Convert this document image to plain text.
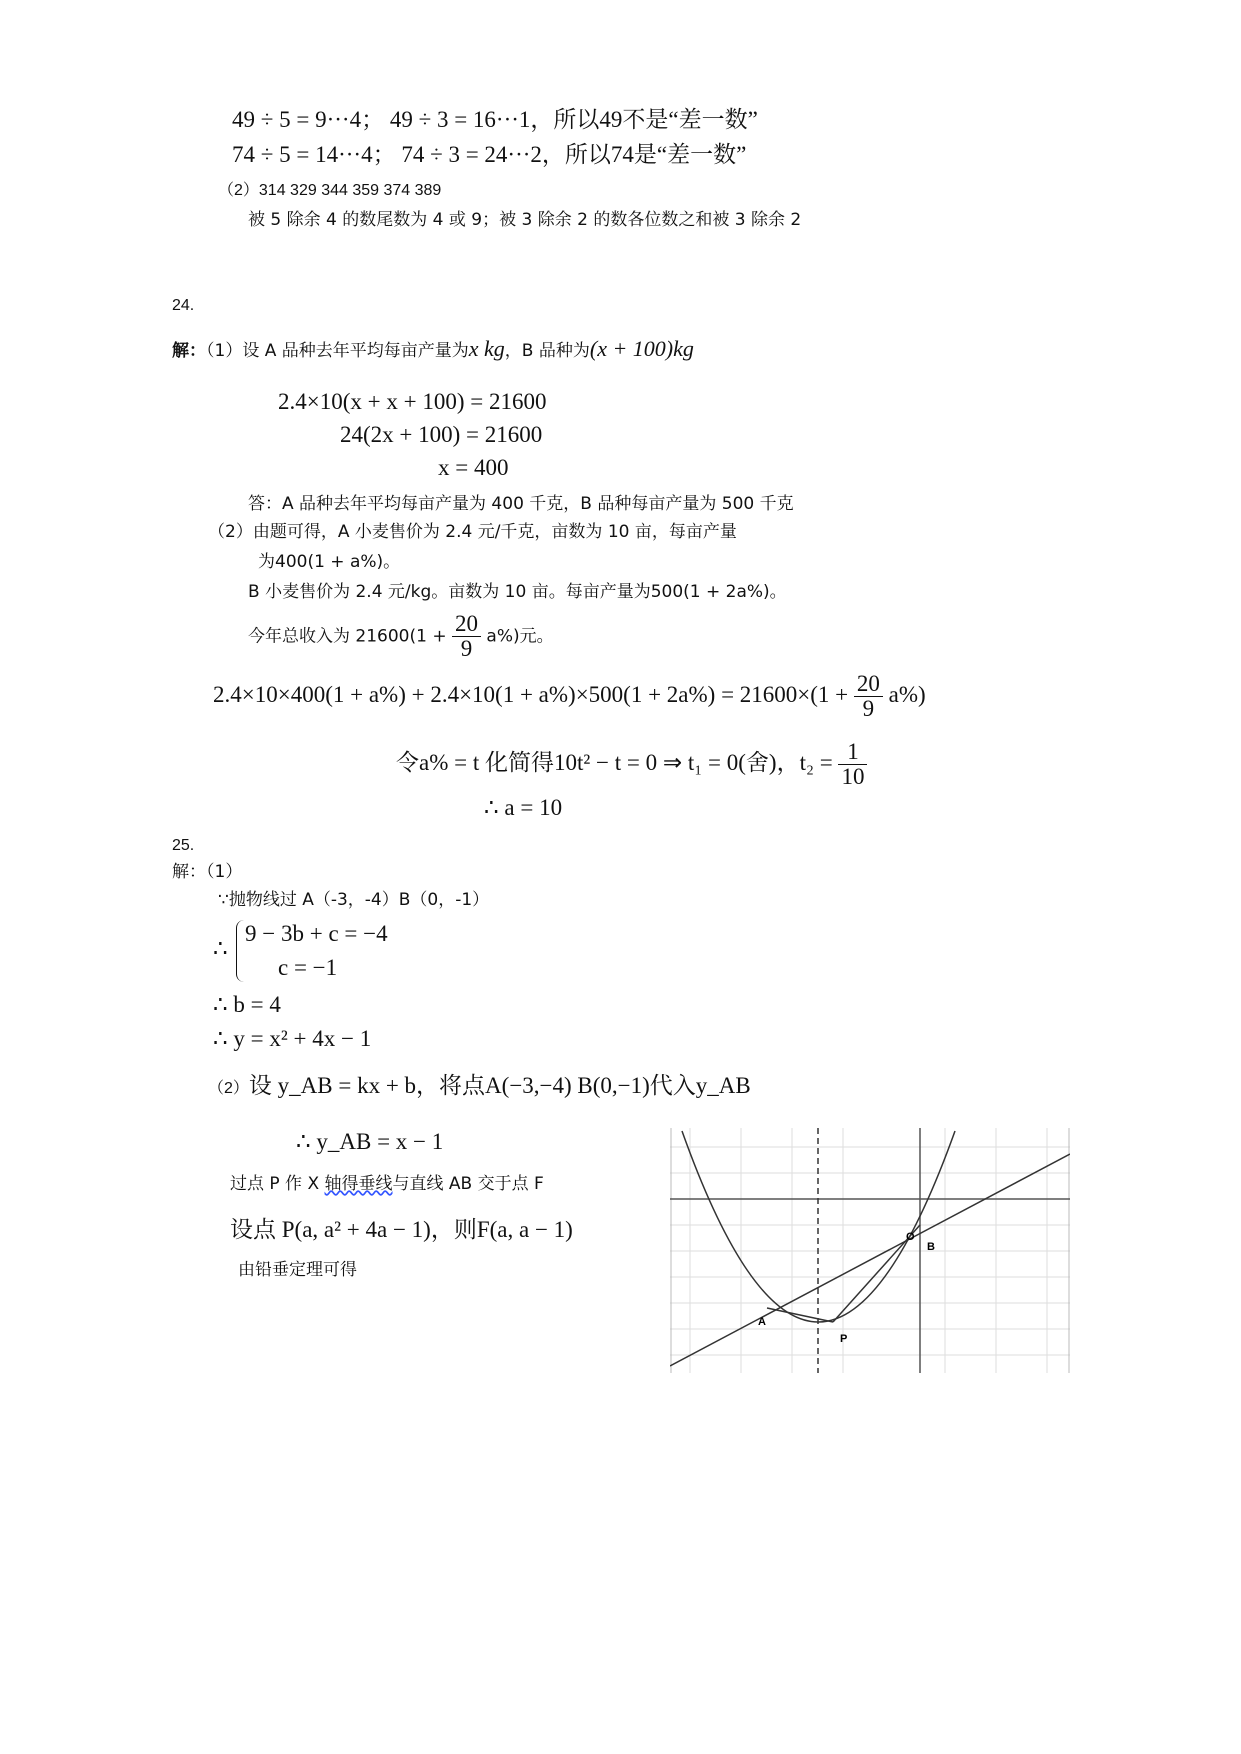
49 ÷ 5 = 9···4； 49 ÷ 3 = 16···1，所以49不是“差一数”
74 ÷ 5 = 14···4； 74 ÷ 3 = 24···2，所以74是“差一数”
（2）314 329 344 359 374 389
被 5 除余 4 的数尾数为 4 或 9；被 3 除余 2 的数各位数之和被 3 除余 2
24.
解：（1）设 A 品种去年平均每亩产量为x kg，B 品种为(x + 100)kg
2.4×10(x + x + 100) = 21600
24(2x + 100) = 21600
x = 400
答：A 品种去年平均每亩产量为 400 千克，B 品种每亩产量为 500 千克
（2）由题可得，A 小麦售价为 2.4 元/千克，亩数为 10 亩，每亩产量
为400(1 + a%)。
B 小麦售价为 2.4 元/kg。亩数为 10 亩。每亩产量为500(1 + 2a%)。
今年总收入为 $21600(1 + \frac{20}{9} a\%)$元。
$2.4\times 10\times 400(1 + a\%) + 2.4\times 10(1 + a\%)\times 500(1 + 2a\%) = 21600\times(1 + \frac{20}{9} a\%)$
令a% = t 化简得10t² − t = 0 ⇒ t₁ = 0(舍)，$t_2 = \frac{1}{10}$
∴ a = 10
25.
解：（1）
∵抛物线过 A（-3，-4）B（0，-1）
∴
9 − 3b + c = −4
c = −1
∴ b = 4
∴ y = x² + 4x − 1
（2）设 y_AB = kx + b，将点A(−3,−4) B(0,−1)代入y_AB
∴ y_AB = x − 1
过点 P 作 X 轴得垂线与直线 AB 交于点 F
设点 P(a, a² + 4a − 1)，则F(a, a − 1)
由铅垂定理可得
A
P
O
B
